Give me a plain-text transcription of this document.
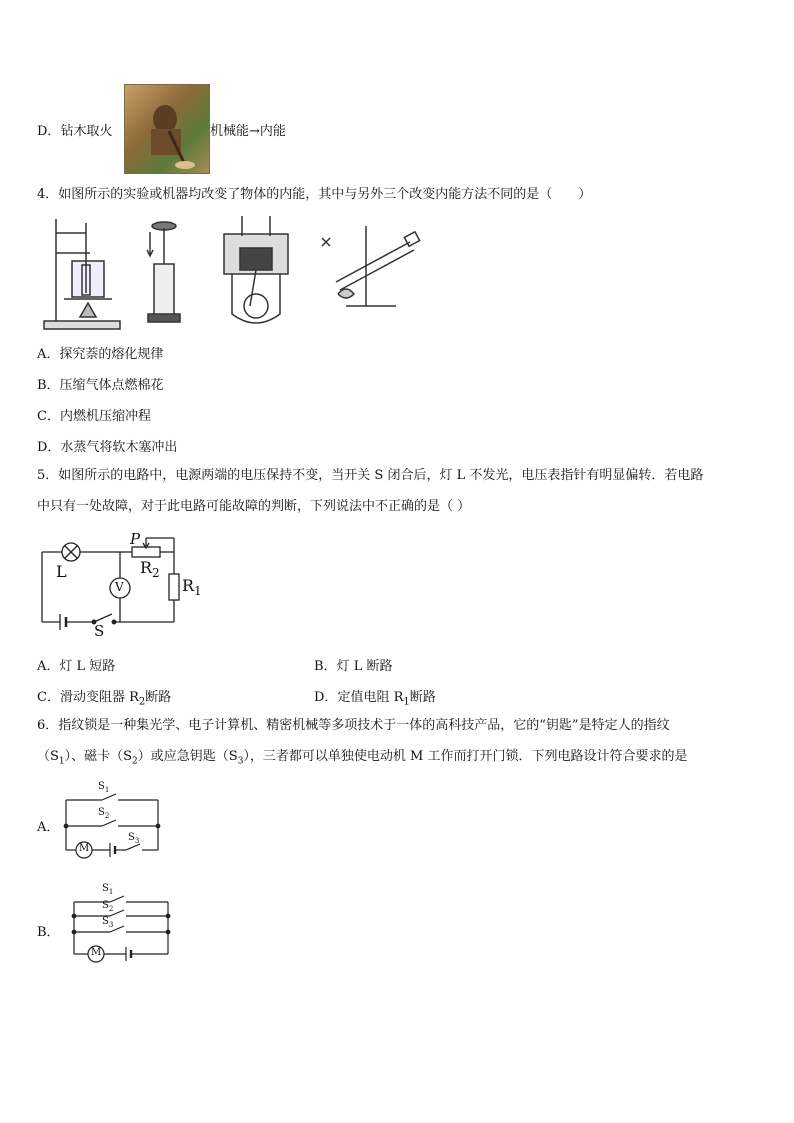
D．钻木取火	机械能→内能
4．如图所示的实验或机器均改变了物体的内能，其中与另外三个改变内能方法不同的是（　　）
A．探究萘的熔化规律
B．压缩气体点燃棉花
C．内燃机压缩冲程
D．水蒸气将软木塞冲出
5．如图所示的电路中，电源两端的电压保持不变，当开关 S 闭合后，灯 L 不发光，电压表指针有明显偏转．若电路
中只有一处故障，对于此电路可能故障的判断，下列说法中不正确的是（ ）
L
P
$R_2$
$R_1$
V
S
A．灯 L 短路	B．灯 L 断路
C．滑动变阻器 $R_2$断路	D．定值电阻 $R_1$断路
6．指纹锁是一种集光学、电子计算机、精密机械等多项技术于一体的高科技产品，它的“钥匙”是特定人的指纹
$(S_1)$、磁卡$(S_2)$或应急钥匙$(S_3)$，三者都可以单独使电动机 M 工作而打开门锁．下列电路设计符合要求的是
A．
$S_1$
$S_2$
$S_3$
M
B．
$S_1$
$S_2$
$S_3$
M
